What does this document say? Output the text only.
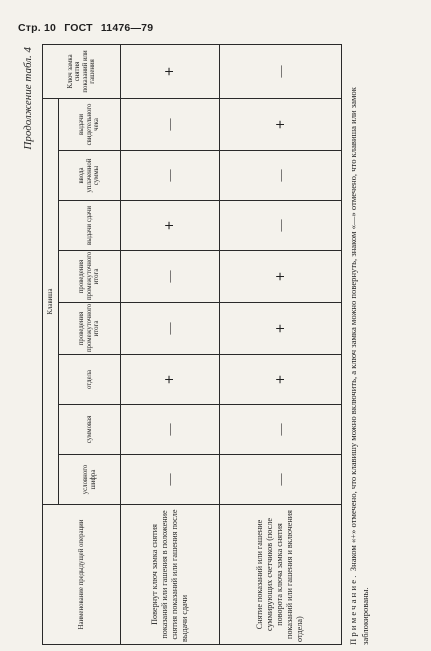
Стр. 10 ГОСТ 11476—79
Продолжение табл. 4
Наименование предыдущей операции	Клавиша								Ключ замка снятия показаний или гашения
	условного шифра	суммовая	отдела	проведения промежуточного итога	проведения промежуточного итога	выдачи сдачи	ввода уплаченной суммы	выдачи свидетельного чека	
Повернут ключ замка снятия показаний или гашения в положение снятия показаний или гашения после выдачи сдачи	—	—	+	—	—	+	—	—	+
Снятие показаний или гашение суммирующих счетчиков (после поворота ключа замка снятия показаний или гашения и включения отдела)	—	—	+	+	+	—	—	+	—
Примечание. Знаком «+» отмечено, что клавишу можно включить, а ключ замка можно повернуть, знаком «—» отмечено, что клавиша или замок заблокированы.
